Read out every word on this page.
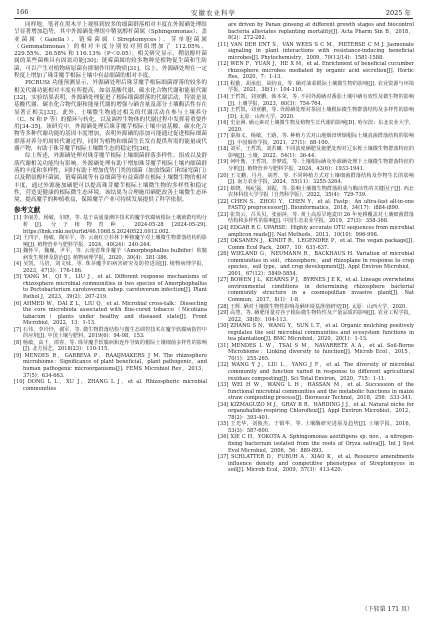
166	安徽农业科学	2025 年

同样地，笔者在黑木平上观察到较多的细菌群落相对丰度在外源硒处理组呈显著增加趋势，其中外源硒处理组中鞘氨醇杆菌属（Sphingomonas）、盖亚菌属（Gaiella）、链霉菌属（Streptomyces）、芽单胞菌属（Gemmatimonas）的相对丰度分别较对照组增加了 112.05%、229.55%、26.58% 和 116.13%（P＜0.05）。相关研究显示，鞘氨醇杆菌属的某些菌株具有固氮功能[30]；链霉菌属的较多物种是植物促生菌和生防菌，可以产生对植物病原菌有抑制作用的物质[31]。综上，外源硒处理在一定程度上增加了珠芽魔芋根际土壤中有益细菌的相对丰度。

PICRUSt 功能预测显示，外源硒处理后珠芽魔芋根际细菌群落的较多的相关代谢功能相对丰度有所提高，如氨基酸代谢、碳水化合物代谢和能量代谢[32]，实验结果表明，外源硒处理促进了根际细菌群落的代谢活动，特别是氨基酸代谢、碳水化合物代谢和能量代谢的增强与硒含量及部分土壤酶活性存在显著正相关[33]。此外，土壤微生物通过相关的代谢活动在参与土壤养分（C、N 和 P 等）的循环与转化、以及调控生物体的代谢过程中发挥着重要作用[34-35]。该研究中，外源硒处理后珠芽魔芋根际土壤中氨基酸、碳水化合物等多种代谢功能的基因丰度增加，表明外源硒的添加可能通过促进根际细菌群落对养分的周转代谢过程，同时为植物和细菌生长发育提供所需的能量或代谢产物，有助于珠芽魔芋根际土壤微生态的稳定性[36]。

综上所述，外源硒处理对珠芽魔芋根际土壤细菌群落多样性、组成以及群落代谢相关功能均有影响。外源硒处理有助于增加珠芽魔芋根际土壤内细菌群落的丰度和多样性，同时有助于增加优势门类的细菌（如放线菌门和绿弯菌门）以及鞘氨醇杆菌属、链霉菌属等有益细菌等有益菌群在根际土壤微生物的相对丰度，通过外源施加硒肥可以提高珠芽魔芋根际土壤微生物的多样性和稳定性，营造更健康的根际微生态环境。该结果为合理施用硒肥改善土壤微生态环境，提高魔芋的种植收益，保障魔芋产业可持续发展提供了科学依据。

参考文献

[1] 李丽芳，杨敏，尔晓，等. 基于高通量测序技术的魔芋软腐病根际土壤菌群结构分析[J]. 分子植物育种，2024-05-28 [2024-05-29]. https://link.cnki.net/urlid/46.1068.S.20240522.0912.002.

[2] 王四宇，杨敏，陶军平，等. 云南红豆杉林下种植魔芋对土壤微生物群落结构的影响[J]. 植物营养与肥料学报，2024，40(24)：240-244.

[3] 魏怀平，魏巍，尹平，等. 云南省珠芽魔芋（Amorphophallus bulbifer）软腐病发生规律及防治[J]. 植物病理学报，2020，30(4)：381-386.

[4] 吴凯，马培，刘文妹，等. 珠芽魔芋的病害研究及防控进展[J]. 植物病理学报，2023，47(3)：176-186.

[5] YANG M，QI Y，LIU J，et al. Different response mechanisms of rhizosphere microbial communities in two species of Amorphophallus to Pectobacterium carotovorum subsp. carotovorum infection[J]. Plant Pathol J，2023，39(2)：207-219.

[6] AHMED W，DAI Z L，LIU Q，et al. Microbial cross-talk：Dissecting the core microbiota associated with flue-cured tobacco（Nicotiana tabacum）plants under healthy and diseased state[J]. Front Microbiol，2022，13：1-13.

[7] 石伟，李玲玲，谢军，等. 微生物群落结构与微生态调控技术在魔芋软腐病防控中的应用[J]. 中国土壤与肥料，2019(6)：94-98，153.

[8] 杨敏，高千，谭春，等. 珠芽魔芋软腐病和连作导致的根际土壤细菌多样性的影响[J]. 北方园艺，2018(23)：110-115.

[9] MENDES R，GARBEVA P，RAAIJMAKERS J M. The rhizosphere microbiome：Significance of plant beneficial，plant pathogenic，and human pathogenic microorganisms[J]. FEMS Microbiol Rev，2013，37(5)：634-663.

[10] DONG L L，XU J，ZHANG L J，et al. Rhizospheric microbial communities

are driven by Panax ginseng at different growth stages and biocontrol bacteria alleviates replanting mortality[J]. Acta Pharm Sin B，2018，8(2)：272-282.

[11] VAN DER ENT S，VAN WEES S C M，PIETERSE C M J. Jasmonate signaling in plant interactions with resistance-inducing beneficial microbes[J]. Phytochemistry，2009，70(13/14)：1581-1588.

[12] WEN F，YUAN J，HE X M，et al. Enrichment of beneficial cucumber rhizosphere microbes mediated by organic acid secretion[J]. Hortic Res，2020，7：1-13.

[13] 程勤，胡承彪，胡钧良，等. 硒对油菜根际土壤微生物的影响[J]. 农业资源与环境学报，2021，38(1)：104-110.

[14] 王哲凯，刘亚鹏，韩本荣，等. 不同外源硒对番茄土壤中硒有效性及微生物的影响[J]. 土壤学报，2023，60(3)：754-764.

[15] 王哲凯，刘亚鹏，等. 外源硒处理对茶园土壤根际微生物群落结构及多样性的影响[D]. 太原：山西大学，2020.

[16] 史金洲. 硒元素对土壤微生物及植物生长代谢的影响[D]. 哈尔滨：东北农业大学，2020.

[17] 秦海义，杨敏，王路，等. 种植方式对山地烟田烤烟根际土壤真菌群落结构的影响[J]. 中国烟草学报，2021，27(1)：88-100.

[18] 刘军，王哲凯，刘若曦. 不同浓度硒肥及施肥处理对辽东栎土壤微生物群落特征的影响[J]. 土壤，2022，54(1)：36-44.

[19] 何叶衡，王哲凯，李梦霞，等. 土壤根际硒及外源硒处理下土壤微生物群落特征的分析[J]. 植物营养与肥料学报，2024，43(6)：1933-1941.

[20] 王文鹏，丹丹，胡哲，等. 不同种植方式对土壤细菌群落结构及作物生长的影响[J]. 南方农业学报，2024，55(11)：3255-3264.

[21] 蔡晓，杨纪磊，刘振，等. 影响土壤微生物群落组成与酶活性的关键因子[J]. 西北农林科技大学学报（自然科学版），2022，35(4)：729-739.

[22] CHEN S，ZHOU Y，CHEN Y，et al. Fastp：An ultra-fast all-in-one FASTQ preprocessor[J]. Bioinformatics，2018，34(17)：i884-i890.

[23] 张贵云，吕贝贝，张丽萍，等. 黄土高原旱地麦田 26 年免耕覆盖对土壤细菌群落结构和多样性的影响[J]. 中国生态农业学报，2019，27(3)：358-368.

[24] EDGAR R C. UPARSE：Highly accurate OTU sequences from microbial amplicon reads[J]. Nat Methods，2013，10(10)：996-998.

[25] OKSANEN J，KINDT R，LEGENDRE P，et al. The vegan package[J]. Comm Ecol Pack，2007，10：631-637.

[26] WIELAND G，NEUMANN R，BACKHAUS H. Variation of microbial communities in soil，rhizosphere，and rhizoplane in response to crop species，soil type，and crop development[J]. Appl Environ Microbiol，2001，67(12)：5849-5854.

[27] BOWEN J L，KEARNS P J，BYRNES J E K，et al. Lineage overwhelms environmental conditions in determining rhizosphere bacterial community structure in a cosmopolitan invasive plant[J]. Nat Commun，2017，8(1)：1-8.

[28] 王辉. 硒对土壤微生物性影响及硒环境基准值研究[D]. 太原：山西大学，2020.

[29] 高慧，等. 硒肥用量对谷子根际微生物特性及产量品质的影响[J]. 农业工程学报，2022，38(8)：104-113.

[30] ZHANG S N，WANG Y，SUN L T，et al. Organic mulching positively regulates the soil microbial communities and ecosystem functions in tea plantation[J]. BMC Microbiol，2020，20(1)：1-13.

[31] MENDES L W，TSAI S M，NAVARRETE A A，et al. Soil-Borne Microbiome：Linking diversity to function[J]. Microb Ecol，2015，70(1)：255-265.

[32] WANG Y J，LIU L，YANG J F，et al. The diversity of microbial community and function varied in response to different agricultural residues composting[J]. Sci Total Environ，2020，715：1-11.

[33] WEI H W，WANG L H，HASSAN M，et al. Succession of the functional microbial communities and the metabolic functions in maize straw composting process[J]. Bioresour Technol，2018，256：333-341.

[34] KIZMAGUZO M J，GRAY B R，HARDING J J，et al. Natural niche for organohalide-respiring Chloroflexi[J]. Appl Environ Microbiol，2012，78(2)：393-401.

[35] 王光华，刘俊杰，于镇华，等. 土壤酶研究进展及趋势[J]. 土壤学报，2016，53(3)：587-600.

[36] XIE C H，YOKOTA A. Sphingomonas azotifigens sp. nov.，a nitrogen-fixing bacterium isolated from the roots of Oryza sativa[J]. Int J Syst Evol Microbiol，2006，56：889-893.

[37] SCHLATTER D，FUBUH A，XIAO K，et al. Resource amendments influence density and competitive phenotypes of Streptomyces in soil[J]. Microb Ecol，2009，57(3)：413-420.

（下转第 171 页）
